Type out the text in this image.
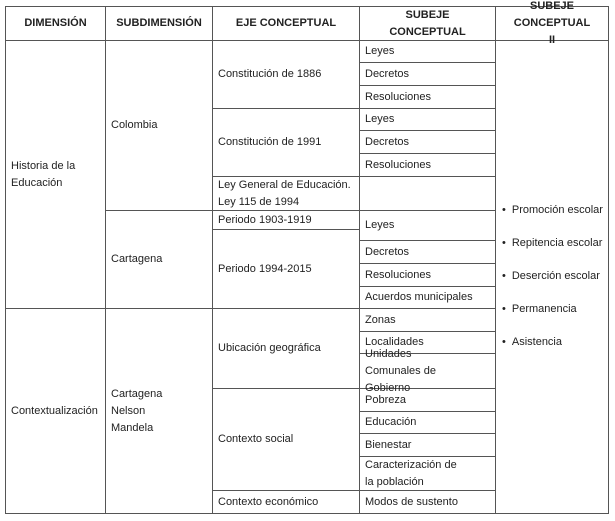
DIMENSIÓN	SUBDIMENSIÓN	EJE CONCEPTUAL
SUBEJE CONCEPTUAL
SUBEJE CONCEPTUAL II
Historia de la Educación
Contextualización
Colombia
Cartagena
Cartagena Nelson Mandela
Constitución de 1886
Constitución de 1991
Ley General de Educación. Ley 115 de 1994
Periodo 1903-1919
Periodo 1994-2015
Ubicación geográfica
Contexto social
Contexto económico
Leyes
Decretos
Resoluciones
Leyes
Decretos
Resoluciones
Leyes
Decretos
Resoluciones
Acuerdos municipales
Zonas
Localidades
Unidades Comunales de Gobierno
Pobreza
Educación
Bienestar
Caracterización de la población
Modos de sustento
• Promoción escolar
• Repitencia escolar
• Deserción escolar
• Permanencia
• Asistencia
